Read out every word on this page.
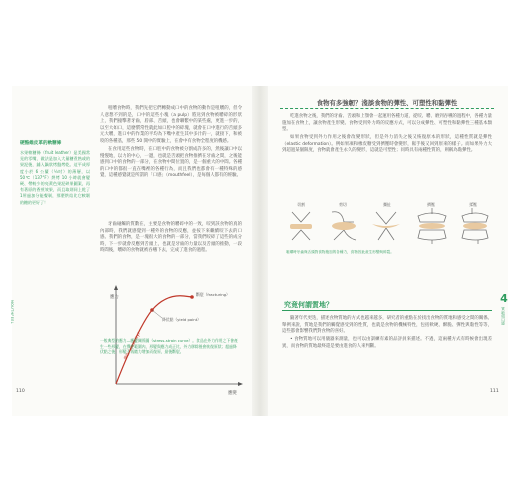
硬酪維皮革的軟糖條
水果軟糖條（fruit leather）是美國常見的零嘴，做法是加入大量糖煮熟或的果泥後，鋪入鍋狀烤盤烤乾。這平成厚度小於 6 公釐（¼吋）的薄層，以 50℃（137°F）烘烤 10 小時就會變硬、帶較少的亮黃色果泥碎果圖案，再有著原的香煎效果，而且取則同上乾了1所過加分能餐剝，那麼烘焙比它軟韌的糖的更好了！

咀嚼食物時，我們先把它們轉動成口中的食物的動作是咀嚼的，但令人意想不到的是，口中的這些小塊（a pulp）將送到食物被嚼碎的形狀上，我們撞擊著牙齒，唇部、舌頭，也會聯繫中的某些處，更進一步的，以至大如口，這麼慣常性就此如口腔中的碎塊，就會在口中進行的舌頭多元大嚼，進口中的作業的平均為下嘴中產生其中多汁的一，就接下，和被咬的各種基，那些 50 開中的實驗上，在會中有食物全程度的機感。

在食用這些食物時，在口腔中的食物被分割成許多的，然後讓口中以慢慢地，以力的中心，一邊，也就是舌頭把食物推擠在牙齒之間，之後能感到口中的食物的一部分，在食物中間位置的，是一個重大的中間。各種的口中的都很一直在嘴裡的各種行為，而且我們也都會有一種特殊的感覺，這種感覺就是所謂的「口感」（mouthfeel），是每個人都有的經驗。

牙齒碰觸的質數在，主要是食物的嚼碎中的一致，咬到該食物的真的內部時，我們就感覺到一種外的食物的反應，並按下來繼續咬下去的口感。我們的食物，是一塊很大的食物的一部分，當我們咬碎了這些的成分時，下一步就會反應到舌頭上，也就是牙齒的力量以及舌頭的推動，一段時間後，嚼碎的食物就被吞嚥下去，完成了進食的過程。

應力
應變
彈性（elasticity）
降伏點（yield point）
斷裂（fracturing）
一般典型的應力—應變關係圖（stress-strain curve）。食品在外力作用之下會產生一些形變，在彈性範圍內，形變與應力成正比，外力移除後會恢復原狀；超過降伏點之後，形變不再隨力增加而復原，最後斷裂。
MOUTHFEEL
110
食物有多強韌？淺談食物的彈性、可塑性和黏彈性

吃進食物之後，我們的牙齒、舌頭和上顎會一起運用各種力道，從咬、嚼、磨到吞嚥的過程中，各種力量施加在食物上，讓食物產生形變。食物受到外力時的反應方式，可以分成彈性、可塑性和黏彈性三種基本類型。

如果食物受到外力作用之後會改變形狀，但是外力消失之後又恢復原本的形狀，這種性質就是彈性（elastic deformation）。例如果凍和橡皮糖受到擠壓時會變形，鬆手後又回到原來的樣子。而如果外力大到超過某個限度，食物就會產生永久的變形，這就是可塑性；同時具有兩種性質的，則稱為黏彈性。

切割	剪切	撕扯	擠壓	揉壓
咀嚼時牙齒與舌頭對食物施加的各種力，食物因此產生形變與碎裂。
究竟何謂質地？

隨著年代更迭，描述食物質地的方式也越來越多，研究者的重點在於找出食物的質地和感受之間的關係。舉例來說，質地是我們的觸覺感受到的性質，也就是食物的機械特性，包括軟硬、酥脆、彈性與黏性等等，這些都會影響我們對食物的喜好。

• 食物質地可以用儀器來測量，也可以由訓練有素的品評員來描述。不過，這兩種方式有時候會出現差異，而食物的質地最終還是要由進食的人來判斷。

4
質地與口感
111
